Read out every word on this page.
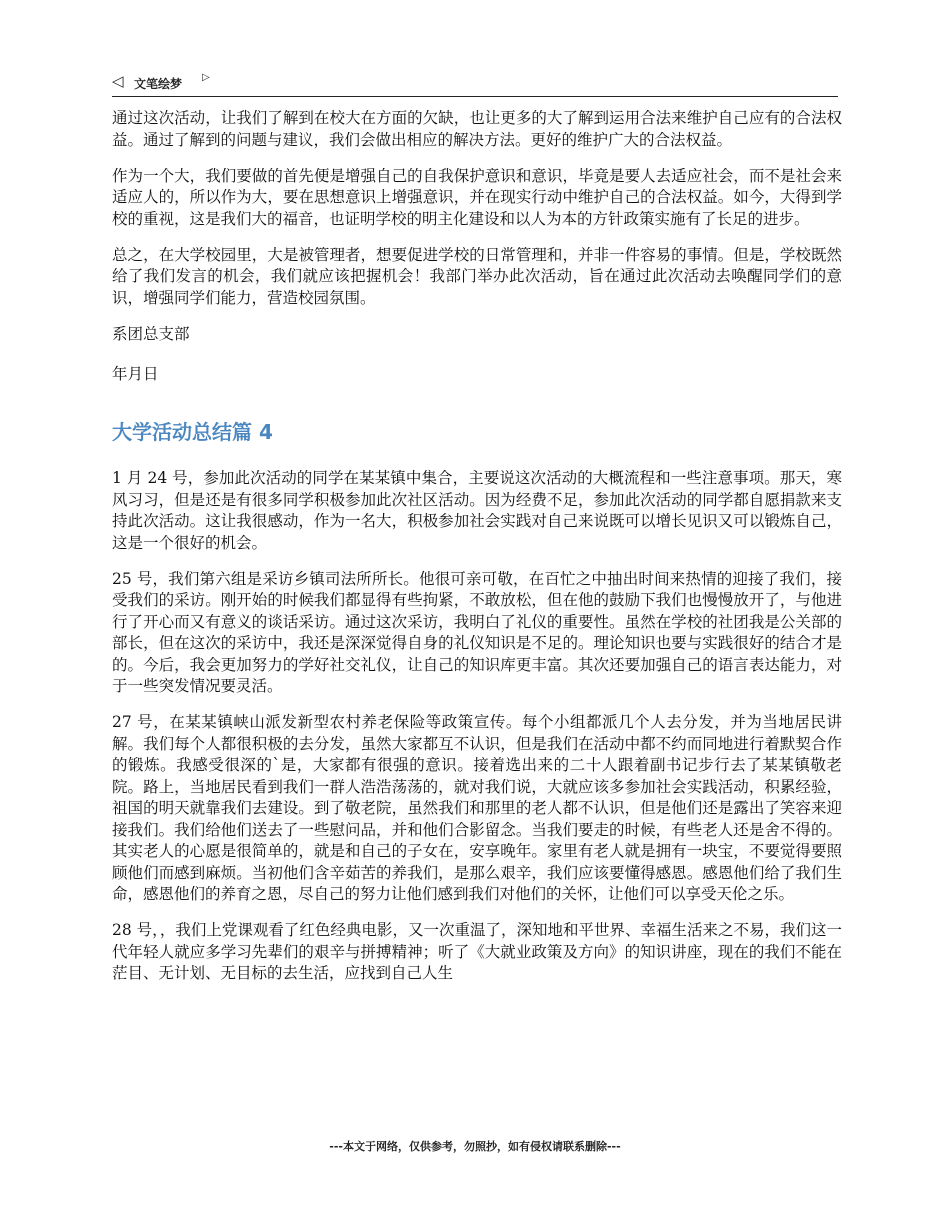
◁ 文笔绘梦 ▷

通过这次活动，让我们了解到在校大在方面的欠缺，也让更多的大了解到运用合法来维护自己应有的合法权益。通过了解到的问题与建议，我们会做出相应的解决方法。更好的维护广大的合法权益。

作为一个大，我们要做的首先便是增强自己的自我保护意识和意识，毕竟是要人去适应社会，而不是社会来适应人的，所以作为大，要在思想意识上增强意识，并在现实行动中维护自己的合法权益。如今，大得到学校的重视，这是我们大的福音，也证明学校的明主化建设和以人为本的方针政策实施有了长足的进步。

总之，在大学校园里，大是被管理者，想要促进学校的日常管理和，并非一件容易的事情。但是，学校既然给了我们发言的机会，我们就应该把握机会！我部门举办此次活动，旨在通过此次活动去唤醒同学们的意识，增强同学们能力，营造校园氛围。

系团总支部

年月日

大学活动总结篇 4

1 月 24 号，参加此次活动的同学在某某镇中集合，主要说这次活动的大概流程和一些注意事项。那天，寒风习习，但是还是有很多同学积极参加此次社区活动。因为经费不足，参加此次活动的同学都自愿捐款来支持此次活动。这让我很感动，作为一名大，积极参加社会实践对自己来说既可以增长见识又可以锻炼自己，这是一个很好的机会。

25 号，我们第六组是采访乡镇司法所所长。他很可亲可敬，在百忙之中抽出时间来热情的迎接了我们，接受我们的采访。刚开始的时候我们都显得有些拘紧，不敢放松，但在他的鼓励下我们也慢慢放开了，与他进行了开心而又有意义的谈话采访。通过这次采访，我明白了礼仪的重要性。虽然在学校的社团我是公关部的部长，但在这次的采访中，我还是深深觉得自身的礼仪知识是不足的。理论知识也要与实践很好的结合才是的。今后，我会更加努力的学好社交礼仪，让自己的知识库更丰富。其次还要加强自己的语言表达能力，对于一些突发情况要灵活。

27 号，在某某镇峡山派发新型农村养老保险等政策宣传。每个小组都派几个人去分发，并为当地居民讲解。我们每个人都很积极的去分发，虽然大家都互不认识，但是我们在活动中都不约而同地进行着默契合作的锻炼。我感受很深的`是，大家都有很强的意识。接着选出来的二十人跟着副书记步行去了某某镇敬老院。路上，当地居民看到我们一群人浩浩荡荡的，就对我们说，大就应该多参加社会实践活动，积累经验，祖国的明天就靠我们去建设。到了敬老院，虽然我们和那里的老人都不认识，但是他们还是露出了笑容来迎接我们。我们给他们送去了一些慰问品，并和他们合影留念。当我们要走的时候，有些老人还是舍不得的。其实老人的心愿是很简单的，就是和自己的子女在，安享晚年。家里有老人就是拥有一块宝，不要觉得要照顾他们而感到麻烦。当初他们含辛茹苦的养我们，是那么艰辛，我们应该要懂得感恩。感恩他们给了我们生命，感恩他们的养育之恩，尽自己的努力让他们感到我们对他们的关怀，让他们可以享受天伦之乐。

28 号，，我们上党课观看了红色经典电影，又一次重温了，深知地和平世界、幸福生活来之不易，我们这一代年轻人就应多学习先辈们的艰辛与拼搏精神；听了《大就业政策及方向》的知识讲座，现在的我们不能在茫目、无计划、无目标的去生活，应找到自己人生

---本文于网络，仅供参考，勿照抄，如有侵权请联系删除---
